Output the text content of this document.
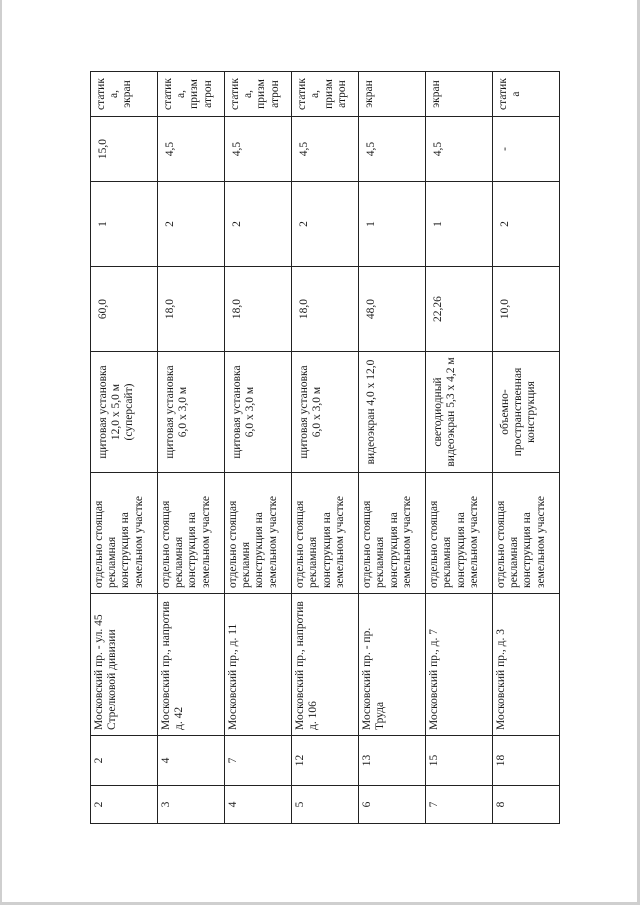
2	2	Московский пр. - ул. 45 Стрелковой дивизии	отдельно стоящая рекламная конструкция на земельном участке	щитовая установка 12,0 х 5,0 м (суперсайт)	60,0	1	15,0	статика, экран
3	4	Московский пр., напротив д. 42	отдельно стоящая рекламная конструкция на земельном участке	щитовая установка 6,0 х 3,0 м	18,0	2	4,5	статика, призматрон
4	7	Московский пр., д. 11	отдельно стоящая рекламня конструкция на земельном участке	щитовая установка 6,0 х 3,0 м	18,0	2	4,5	статика, призматрон
5	12	Московский пр., напротив д. 106	отдельно стоящая рекламная конструкция на земельном участке	щитовая установка 6,0 х 3,0 м	18,0	2	4,5	статика, призматрон
6	13	Московский пр. - пр. Труда	отдельно стоящая рекламная конструкция на земельном участке	видеоэкран 4,0 х 12,0	48,0	1	4,5	экран
7	15	Московский пр., д. 7	отдельно стоящая рекламная конструкция на земельном участке	светодиодный видеоэкран 5,3 х 4,2 м	22,26	1	4,5	экран
8	18	Московский пр., д. 3	отдельно стоящая рекламная конструкция на земельном участке	объемно-пространственная конструкция	10,0	2	-	статика
